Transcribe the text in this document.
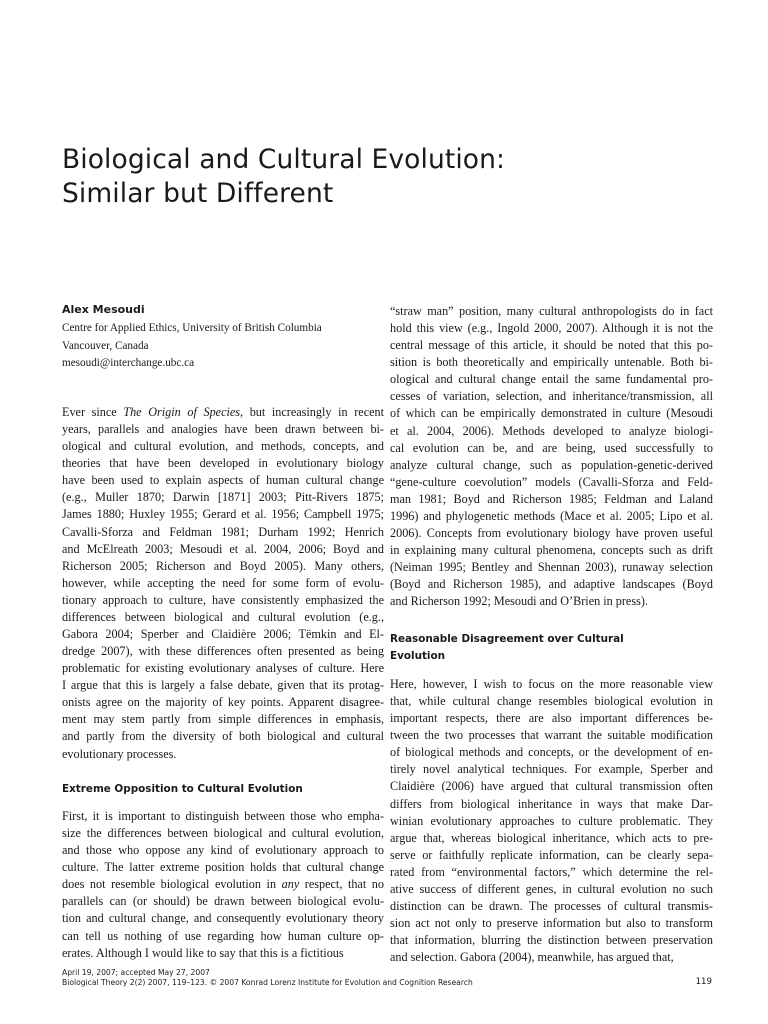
Biological and Cultural Evolution:
Similar but Different

Alex Mesoudi

Centre for Applied Ethics, University of British Columbia

Vancouver, Canada

mesoudi@interchange.ubc.ca

Ever since The Origin of Species, but increasingly in recent
years, parallels and analogies have been drawn between bi-
ological and cultural evolution, and methods, concepts, and
theories that have been developed in evolutionary biology
have been used to explain aspects of human cultural change
(e.g., Muller 1870; Darwin [1871] 2003; Pitt-Rivers 1875;
James 1880; Huxley 1955; Gerard et al. 1956; Campbell 1975;
Cavalli-Sforza and Feldman 1981; Durham 1992; Henrich
and McElreath 2003; Mesoudi et al. 2004, 2006; Boyd and
Richerson 2005; Richerson and Boyd 2005). Many others,
however, while accepting the need for some form of evolu-
tionary approach to culture, have consistently emphasized the
differences between biological and cultural evolution (e.g.,
Gabora 2004; Sperber and Claidière 2006; Tëmkin and El-
dredge 2007), with these differences often presented as being
problematic for existing evolutionary analyses of culture. Here
I argue that this is largely a false debate, given that its protag-
onists agree on the majority of key points. Apparent disagree-
ment may stem partly from simple differences in emphasis,
and partly from the diversity of both biological and cultural
evolutionary processes.
Extreme Opposition to Cultural Evolution
First, it is important to distinguish between those who empha-
size the differences between biological and cultural evolution,
and those who oppose any kind of evolutionary approach to
culture. The latter extreme position holds that cultural change
does not resemble biological evolution in any respect, that no
parallels can (or should) be drawn between biological evolu-
tion and cultural change, and consequently evolutionary theory
can tell us nothing of use regarding how human culture op-
erates. Although I would like to say that this is a fictitious
“straw man” position, many cultural anthropologists do in fact
hold this view (e.g., Ingold 2000, 2007). Although it is not the
central message of this article, it should be noted that this po-
sition is both theoretically and empirically untenable. Both bi-
ological and cultural change entail the same fundamental pro-
cesses of variation, selection, and inheritance/transmission, all
of which can be empirically demonstrated in culture (Mesoudi
et al. 2004, 2006). Methods developed to analyze biologi-
cal evolution can be, and are being, used successfully to
analyze cultural change, such as population-genetic-derived
“gene-culture coevolution” models (Cavalli-Sforza and Feld-
man 1981; Boyd and Richerson 1985; Feldman and Laland
1996) and phylogenetic methods (Mace et al. 2005; Lipo et al.
2006). Concepts from evolutionary biology have proven useful
in explaining many cultural phenomena, concepts such as drift
(Neiman 1995; Bentley and Shennan 2003), runaway selection
(Boyd and Richerson 1985), and adaptive landscapes (Boyd
and Richerson 1992; Mesoudi and O’Brien in press).
Reasonable Disagreement over Cultural
Evolution
Here, however, I wish to focus on the more reasonable view
that, while cultural change resembles biological evolution in
important respects, there are also important differences be-
tween the two processes that warrant the suitable modification
of biological methods and concepts, or the development of en-
tirely novel analytical techniques. For example, Sperber and
Claidière (2006) have argued that cultural transmission often
differs from biological inheritance in ways that make Dar-
winian evolutionary approaches to culture problematic. They
argue that, whereas biological inheritance, which acts to pre-
serve or faithfully replicate information, can be clearly sepa-
rated from “environmental factors,” which determine the rel-
ative success of different genes, in cultural evolution no such
distinction can be drawn. The processes of cultural transmis-
sion act not only to preserve information but also to transform
that information, blurring the distinction between preservation
and selection. Gabora (2004), meanwhile, has argued that,
April 19, 2007; accepted May 27, 2007
Biological Theory 2(2) 2007, 119–123. © 2007 Konrad Lorenz Institute for Evolution and Cognition Research	119
